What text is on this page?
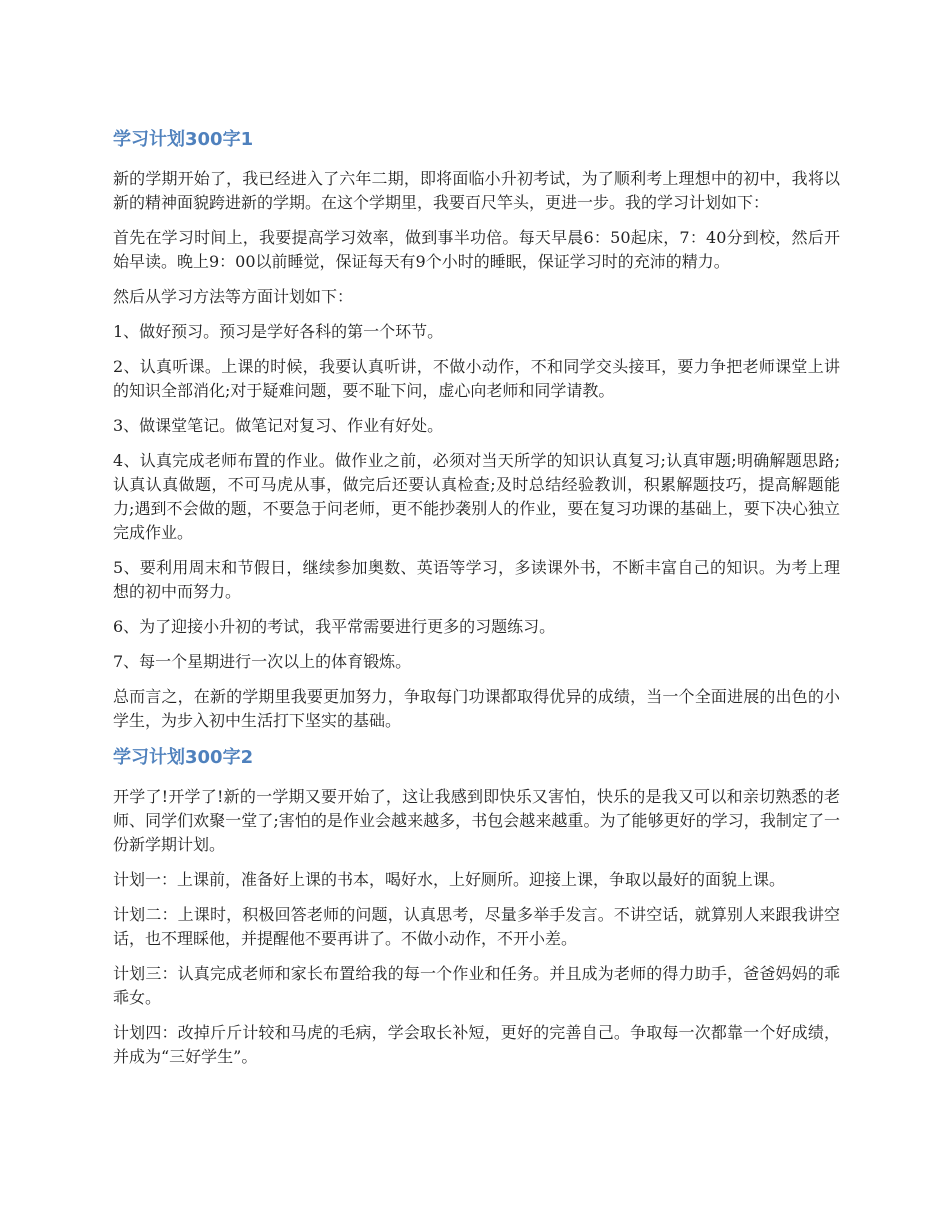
学习计划300字1

新的学期开始了，我已经进入了六年二期，即将面临小升初考试，为了顺利考上理想中的初中，我将以新的精神面貌跨进新的学期。在这个学期里，我要百尺竿头，更进一步。我的学习计划如下：

首先在学习时间上，我要提高学习效率，做到事半功倍。每天早晨6：50起床，7：40分到校，然后开始早读。晚上9：00以前睡觉，保证每天有9个小时的睡眠，保证学习时的充沛的精力。

然后从学习方法等方面计划如下：

1、做好预习。预习是学好各科的第一个环节。

2、认真听课。上课的时候，我要认真听讲，不做小动作，不和同学交头接耳，要力争把老师课堂上讲的知识全部消化;对于疑难问题，要不耻下问，虚心向老师和同学请教。

3、做课堂笔记。做笔记对复习、作业有好处。

4、认真完成老师布置的作业。做作业之前，必须对当天所学的知识认真复习;认真审题;明确解题思路;认真认真做题，不可马虎从事，做完后还要认真检查;及时总结经验教训，积累解题技巧，提高解题能力;遇到不会做的题，不要急于问老师，更不能抄袭别人的作业，要在复习功课的基础上，要下决心独立完成作业。

5、要利用周末和节假日，继续参加奥数、英语等学习，多读课外书，不断丰富自己的知识。为考上理想的初中而努力。

6、为了迎接小升初的考试，我平常需要进行更多的习题练习。

7、每一个星期进行一次以上的体育锻炼。

总而言之，在新的学期里我要更加努力，争取每门功课都取得优异的成绩，当一个全面进展的出色的小学生，为步入初中生活打下坚实的基础。

学习计划300字2

开学了!开学了!新的一学期又要开始了，这让我感到即快乐又害怕，快乐的是我又可以和亲切熟悉的老师、同学们欢聚一堂了;害怕的是作业会越来越多，书包会越来越重。为了能够更好的学习，我制定了一份新学期计划。

计划一：上课前，准备好上课的书本，喝好水，上好厕所。迎接上课，争取以最好的面貌上课。

计划二：上课时，积极回答老师的问题，认真思考，尽量多举手发言。不讲空话，就算别人来跟我讲空话，也不理睬他，并提醒他不要再讲了。不做小动作，不开小差。

计划三：认真完成老师和家长布置给我的每一个作业和任务。并且成为老师的得力助手，爸爸妈妈的乖乖女。

计划四：改掉斤斤计较和马虎的毛病，学会取长补短，更好的完善自己。争取每一次都靠一个好成绩，并成为“三好学生”。
